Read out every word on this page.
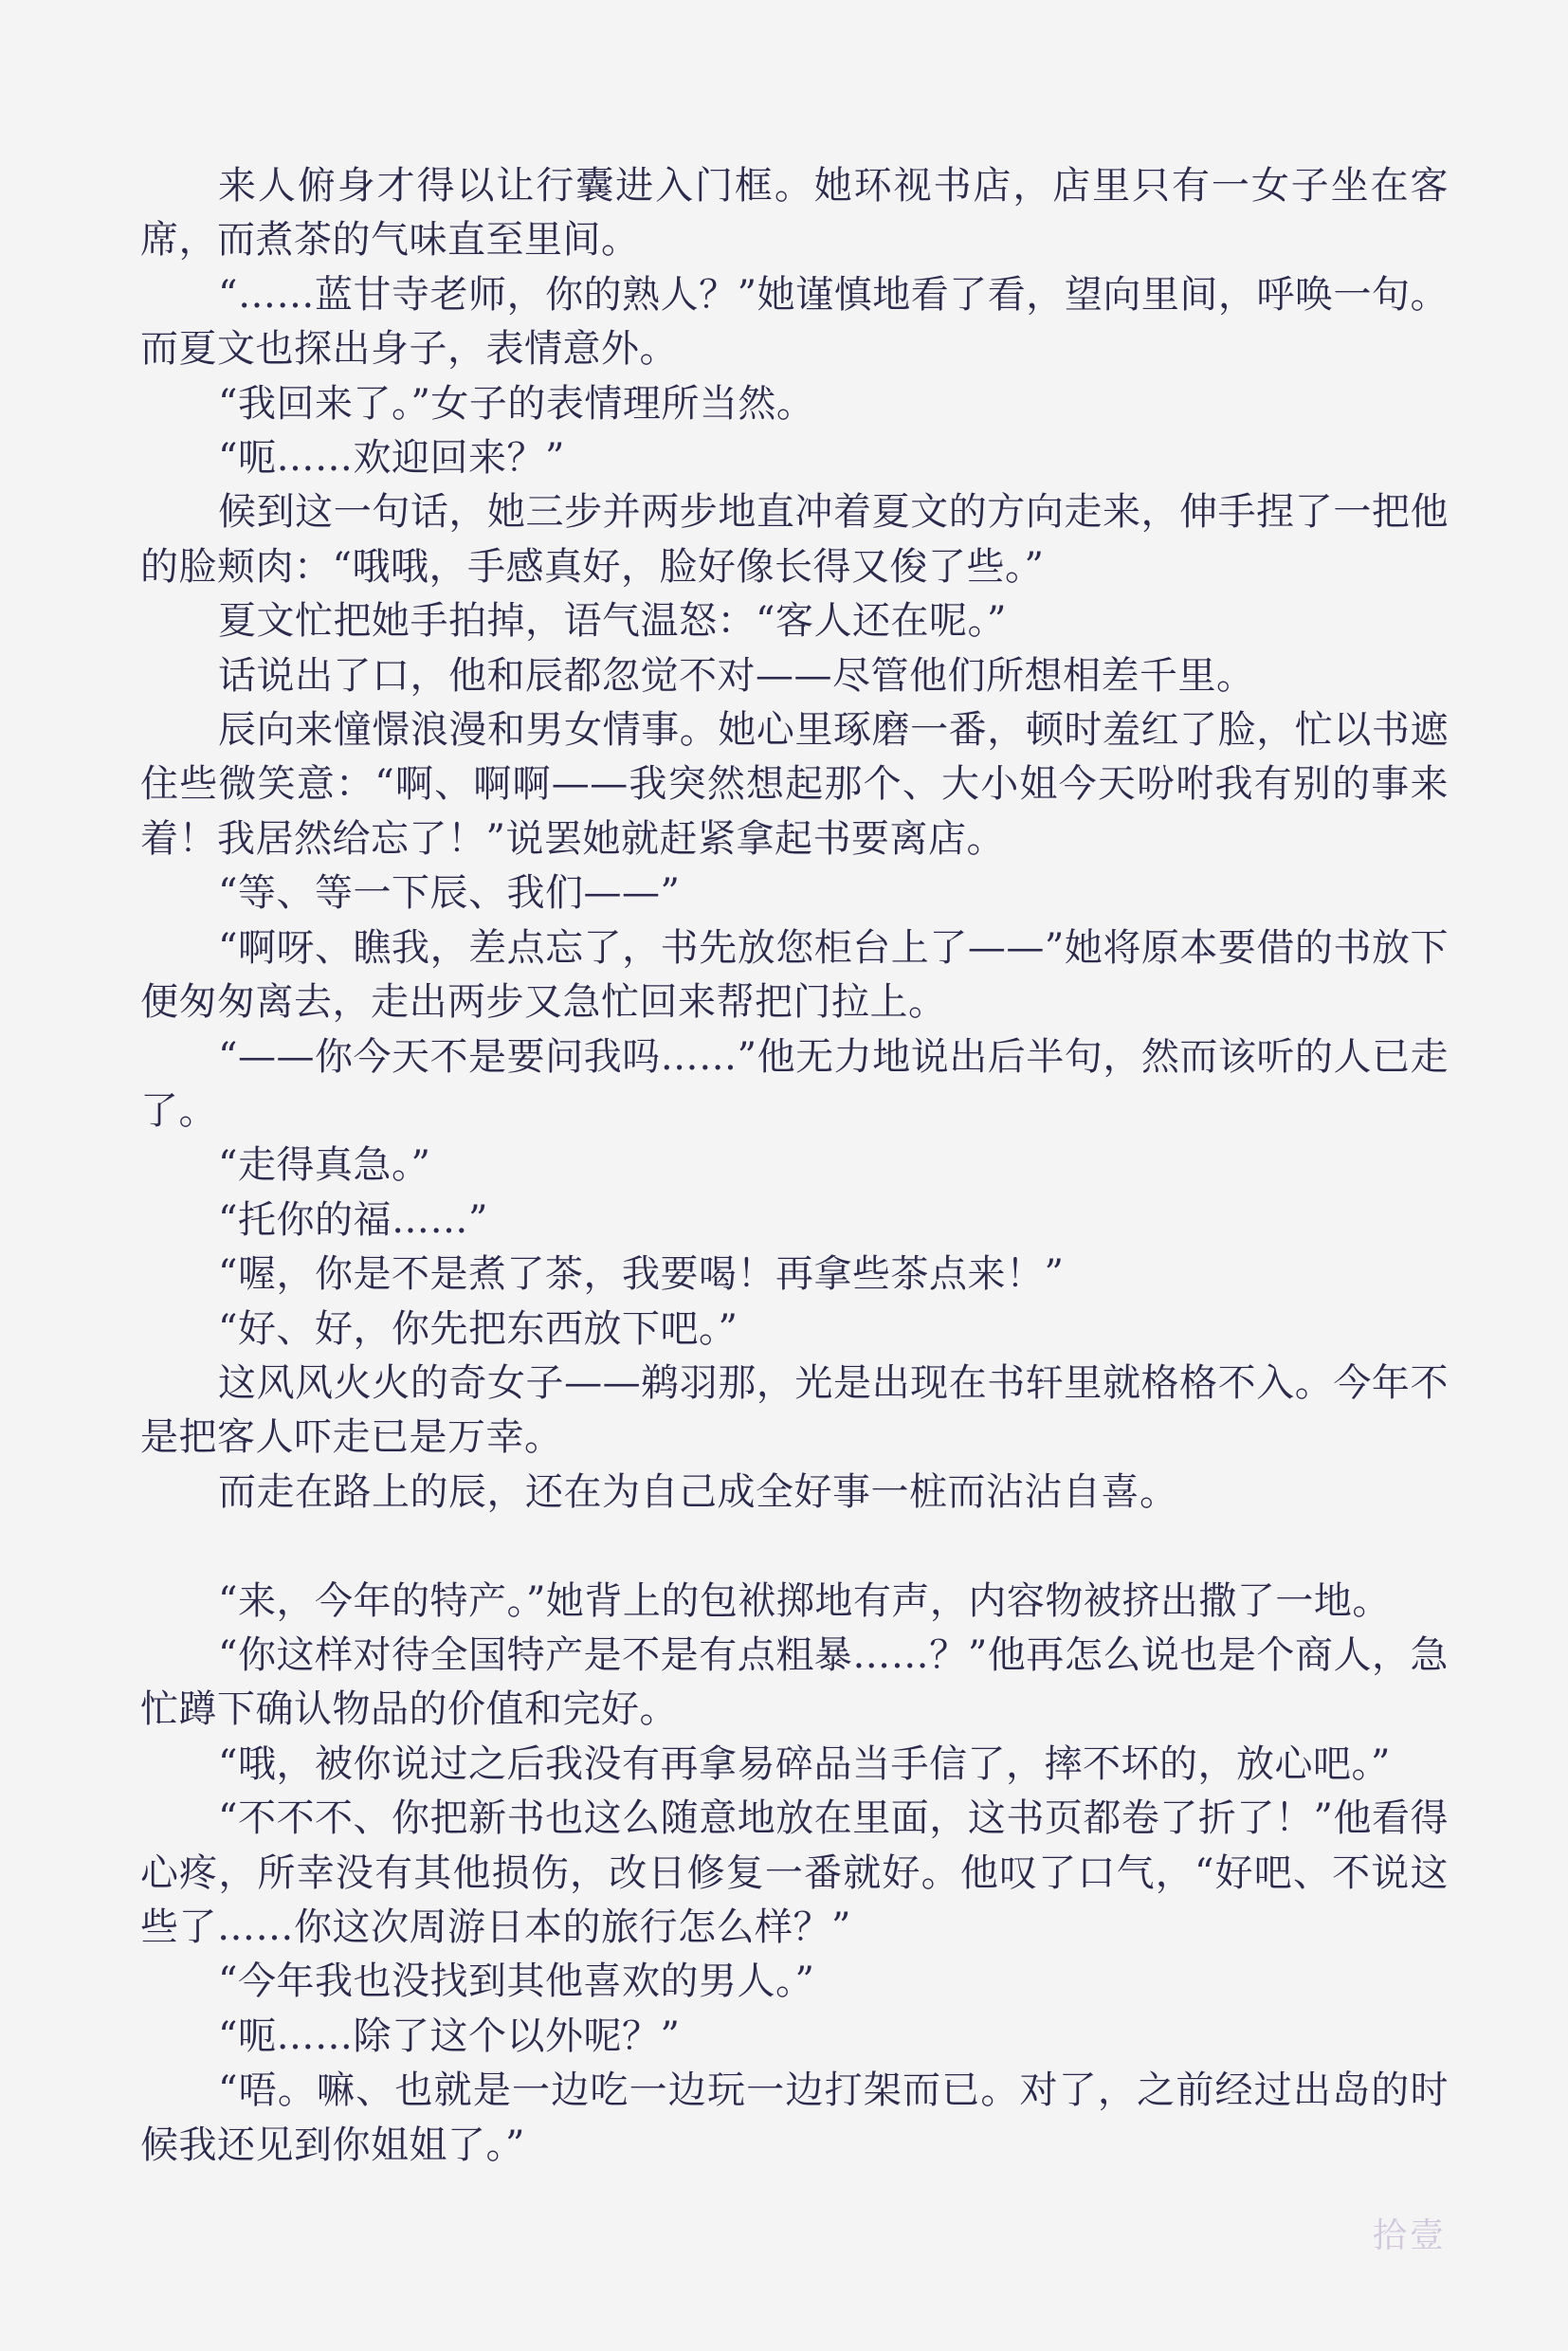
来人俯身才得以让行囊进入门框。她环视书店，店里只有一女子坐在客席，而煮茶的气味直至里间。

“……蓝甘寺老师，你的熟人？”她谨慎地看了看，望向里间，呼唤一句。而夏文也探出身子，表情意外。

“我回来了。”女子的表情理所当然。

“呃……欢迎回来？”

候到这一句话，她三步并两步地直冲着夏文的方向走来，伸手捏了一把他的脸颊肉：“哦哦，手感真好，脸好像长得又俊了些。”

夏文忙把她手拍掉，语气温怒：“客人还在呢。”

话说出了口，他和辰都忽觉不对——尽管他们所想相差千里。

辰向来憧憬浪漫和男女情事。她心里琢磨一番，顿时羞红了脸，忙以书遮住些微笑意：“啊、啊啊——我突然想起那个、大小姐今天吩咐我有别的事来着！我居然给忘了！”说罢她就赶紧拿起书要离店。

“等、等一下辰、我们——”

“啊呀、瞧我，差点忘了，书先放您柜台上了——”她将原本要借的书放下便匆匆离去，走出两步又急忙回来帮把门拉上。

“——你今天不是要问我吗……”他无力地说出后半句，然而该听的人已走了。

“走得真急。”

“托你的福……”

“喔，你是不是煮了茶，我要喝！再拿些茶点来！”

“好、好，你先把东西放下吧。”

这风风火火的奇女子——鹈羽那，光是出现在书轩里就格格不入。今年不是把客人吓走已是万幸。

而走在路上的辰，还在为自己成全好事一桩而沾沾自喜。

“来，今年的特产。”她背上的包袱掷地有声，内容物被挤出撒了一地。

“你这样对待全国特产是不是有点粗暴……？”他再怎么说也是个商人，急忙蹲下确认物品的价值和完好。

“哦，被你说过之后我没有再拿易碎品当手信了，摔不坏的，放心吧。”

“不不不、你把新书也这么随意地放在里面，这书页都卷了折了！”他看得心疼，所幸没有其他损伤，改日修复一番就好。他叹了口气，“好吧、不说这些了……你这次周游日本的旅行怎么样？”

“今年我也没找到其他喜欢的男人。”

“呃……除了这个以外呢？”

“唔。嘛、也就是一边吃一边玩一边打架而已。对了，之前经过出岛的时候我还见到你姐姐了。”

拾壹
